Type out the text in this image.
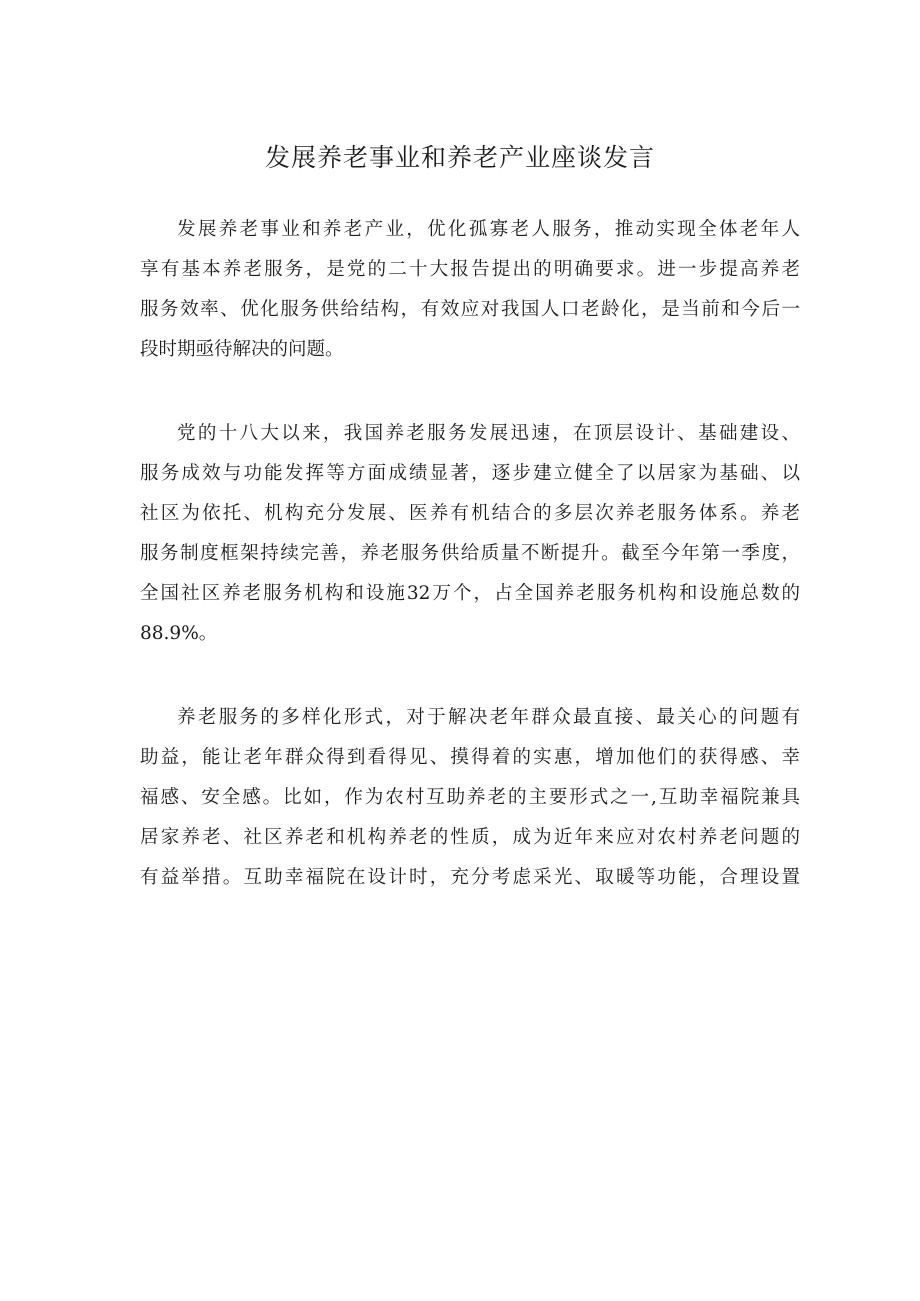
发展养老事业和养老产业座谈发言
发展养老事业和养老产业，优化孤寡老人服务，推动实现全体老年人
享有基本养老服务，是党的二十大报告提出的明确要求。进一步提高养老
服务效率、优化服务供给结构，有效应对我国人口老龄化，是当前和今后一
段时期亟待解决的问题。
党的十八大以来，我国养老服务发展迅速，在顶层设计、基础建设、
服务成效与功能发挥等方面成绩显著，逐步建立健全了以居家为基础、以
社区为依托、机构充分发展、医养有机结合的多层次养老服务体系。养老
服务制度框架持续完善，养老服务供给质量不断提升。截至今年第一季度，
全国社区养老服务机构和设施32万个，占全国养老服务机构和设施总数的
88.9%。
养老服务的多样化形式，对于解决老年群众最直接、最关心的问题有
助益，能让老年群众得到看得见、摸得着的实惠，增加他们的获得感、幸
福感、安全感。比如，作为农村互助养老的主要形式之一,互助幸福院兼具
居家养老、社区养老和机构养老的性质，成为近年来应对农村养老问题的
有益举措。互助幸福院在设计时，充分考虑采光、取暖等功能，合理设置
